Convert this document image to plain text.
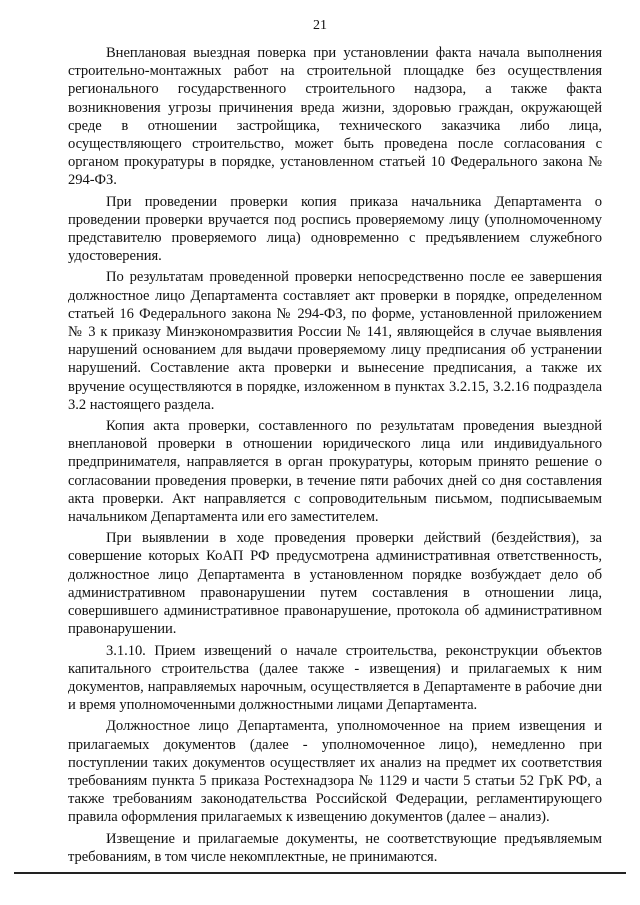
21

Внеплановая выездная поверка при установлении факта начала выполнения строительно-монтажных работ на строительной площадке без осуществления регионального государственного строительного надзора, а также факта возникновения угрозы причинения вреда жизни, здоровью граждан, окружающей среде в отношении застройщика, технического заказчика либо лица, осуществляющего строительство, может быть проведена после согласования с органом прокуратуры в порядке, установленном статьей 10 Федерального закона № 294-ФЗ.

При проведении проверки копия приказа начальника Департамента о проведении проверки вручается под роспись проверяемому лицу (уполномоченному представителю проверяемого лица) одновременно с предъявлением служебного удостоверения.

По результатам проведенной проверки непосредственно после ее завершения должностное лицо Департамента составляет акт проверки в порядке, определенном статьей 16 Федерального закона № 294-ФЗ, по форме, установленной приложением № 3 к приказу Минэкономразвития России № 141, являющейся в случае выявления нарушений основанием для выдачи проверяемому лицу предписания об устранении нарушений. Составление акта проверки и вынесение предписания, а также их вручение осуществляются в порядке, изложенном в пунктах 3.2.15, 3.2.16 подраздела 3.2 настоящего раздела.

Копия акта проверки, составленного по результатам проведения выездной внеплановой проверки в отношении юридического лица или индивидуального предпринимателя, направляется в орган прокуратуры, которым принято решение о согласовании проведения проверки, в течение пяти рабочих дней со дня составления акта проверки. Акт направляется с сопроводительным письмом, подписываемым начальником Департамента или его заместителем.

При выявлении в ходе проведения проверки действий (бездействия), за совершение которых КоАП РФ предусмотрена административная ответственность, должностное лицо Департамента в установленном порядке возбуждает дело об административном правонарушении путем составления в отношении лица, совершившего административное правонарушение, протокола об административном правонарушении.

3.1.10. Прием извещений о начале строительства, реконструкции объектов капитального строительства (далее также - извещения) и прилагаемых к ним документов, направляемых нарочным, осуществляется в Департаменте в рабочие дни и время уполномоченными должностными лицами Департамента.

Должностное лицо Департамента, уполномоченное на прием извещения и прилагаемых документов (далее - уполномоченное лицо), немедленно при поступлении таких документов осуществляет их анализ на предмет их соответствия требованиям пункта 5 приказа Ростехнадзора № 1129 и части 5 статьи 52 ГрК РФ, а также требованиям законодательства Российской Федерации, регламентирующего правила оформления прилагаемых к извещению документов (далее – анализ).

Извещение и прилагаемые документы, не соответствующие предъявляемым требованиям, в том числе некомплектные, не принимаются.
